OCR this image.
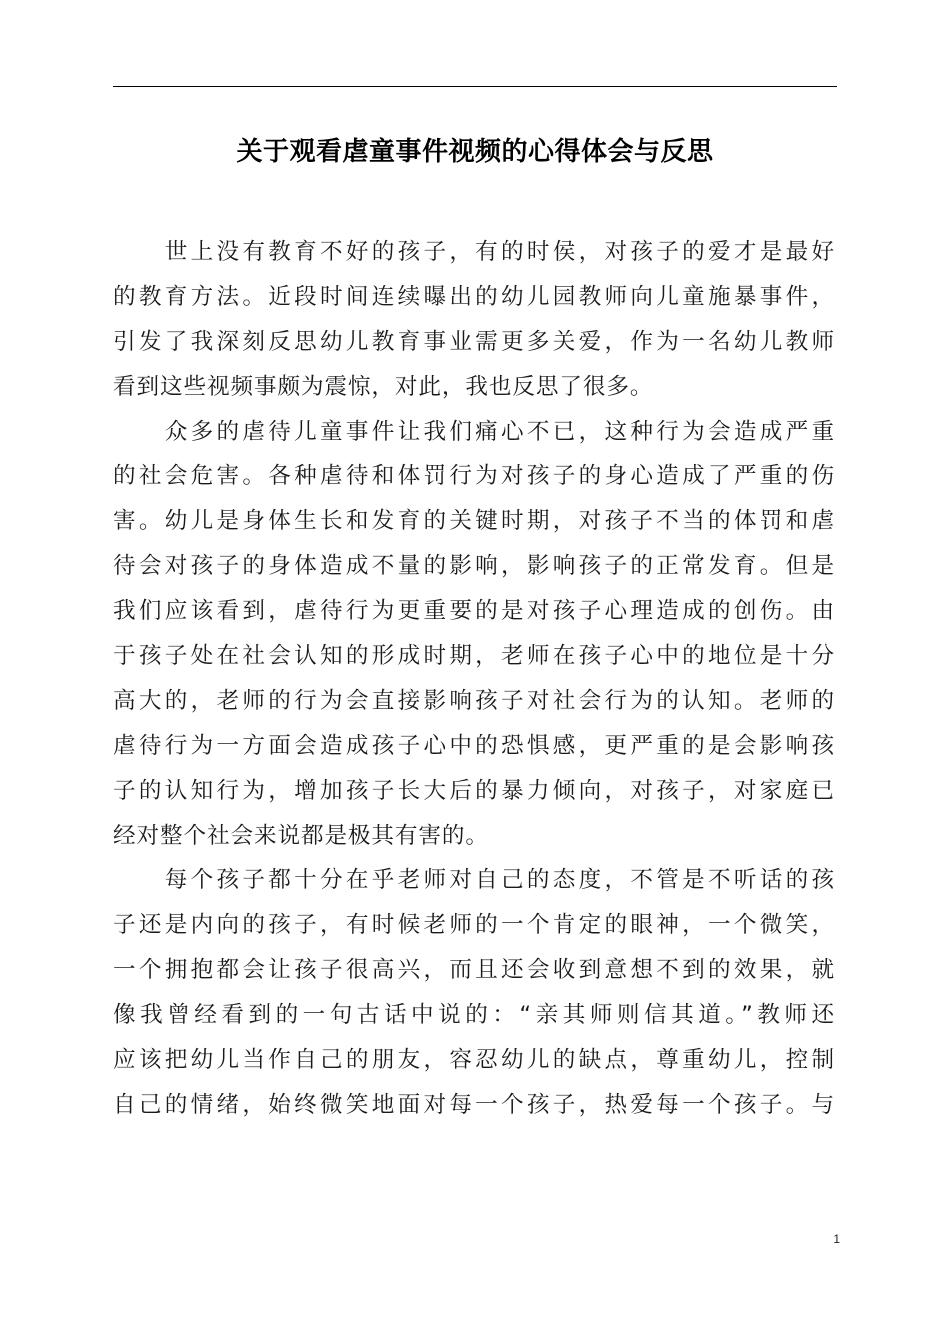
关于观看虐童事件视频的心得体会与反思
　　世上没有教育不好的孩子，有的时侯，对孩子的爱才是最好
的教育方法。近段时间连续曝出的幼儿园教师向儿童施暴事件，
引发了我深刻反思幼儿教育事业需更多关爱，作为一名幼儿教师
看到这些视频事颇为震惊，对此，我也反思了很多。
　　众多的虐待儿童事件让我们痛心不已，这种行为会造成严重
的社会危害。各种虐待和体罚行为对孩子的身心造成了严重的伤
害。幼儿是身体生长和发育的关键时期，对孩子不当的体罚和虐
待会对孩子的身体造成不量的影响，影响孩子的正常发育。但是
我们应该看到，虐待行为更重要的是对孩子心理造成的创伤。由
于孩子处在社会认知的形成时期，老师在孩子心中的地位是十分
高大的，老师的行为会直接影响孩子对社会行为的认知。老师的
虐待行为一方面会造成孩子心中的恐惧感，更严重的是会影响孩
子的认知行为，增加孩子长大后的暴力倾向，对孩子，对家庭已
经对整个社会来说都是极其有害的。
　　每个孩子都十分在乎老师对自己的态度，不管是不听话的孩
子还是内向的孩子，有时候老师的一个肯定的眼神，一个微笑，
一个拥抱都会让孩子很高兴，而且还会收到意想不到的效果，就
像我曾经看到的一句古话中说的：“亲其师则信其道。”教师还
应该把幼儿当作自己的朋友，容忍幼儿的缺点，尊重幼儿，控制
自己的情绪，始终微笑地面对每一个孩子，热爱每一个孩子。与
1
